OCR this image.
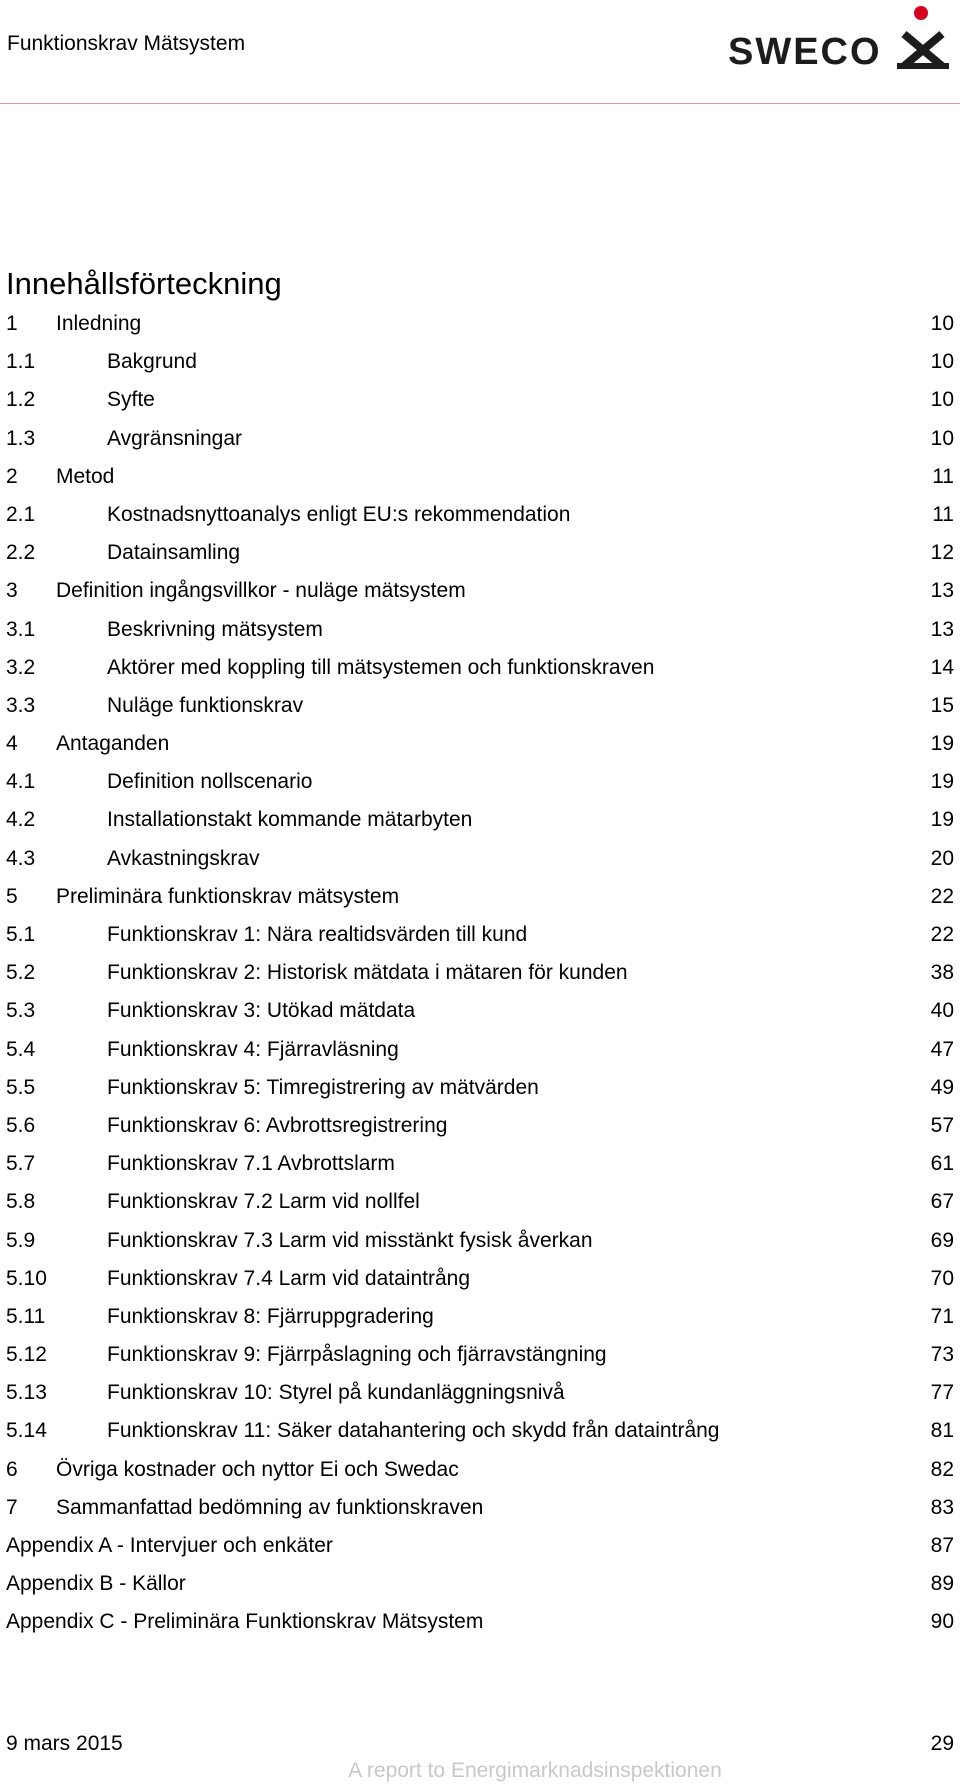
Funktionskrav Mätsystem	SWECO
Innehållsförteckning
1 Inledning	10
1.1	Bakgrund	10
1.2	Syfte	10
1.3	Avgränsningar	10
2 Metod	11
2.1	Kostnadsnyttoanalys enligt EU:s rekommendation	11
2.2	Datainsamling	12
3 Definition ingångsvillkor - nuläge mätsystem	13
3.1	Beskrivning mätsystem	13
3.2	Aktörer med koppling till mätsystemen och funktionskraven	14
3.3	Nuläge funktionskrav	15
4 Antaganden	19
4.1	Definition nollscenario	19
4.2	Installationstakt kommande mätarbyten	19
4.3	Avkastningskrav	20
5 Preliminära funktionskrav mätsystem	22
5.1	Funktionskrav 1: Nära realtidsvärden till kund	22
5.2	Funktionskrav 2: Historisk mätdata i mätaren för kunden	38
5.3	Funktionskrav 3: Utökad mätdata	40
5.4	Funktionskrav 4: Fjärravläsning	47
5.5	Funktionskrav 5: Timregistrering av mätvärden	49
5.6	Funktionskrav 6: Avbrottsregistrering	57
5.7	Funktionskrav 7.1 Avbrottslarm	61
5.8	Funktionskrav 7.2 Larm vid nollfel	67
5.9	Funktionskrav 7.3 Larm vid misstänkt fysisk åverkan	69
5.10	Funktionskrav 7.4 Larm vid dataintrång	70
5.11	Funktionskrav 8: Fjärruppgradering	71
5.12	Funktionskrav 9: Fjärrpåslagning och fjärravstängning	73
5.13	Funktionskrav 10: Styrel på kundanläggningsnivå	77
5.14	Funktionskrav 11: Säker datahantering och skydd från dataintrång	81
6 Övriga kostnader och nyttor Ei och Swedac	82
7 Sammanfattad bedömning av funktionskraven	83
Appendix A - Intervjuer och enkäter	87
Appendix B - Källor	89
Appendix C - Preliminära Funktionskrav Mätsystem	90
9 mars 2015	29
A report to Energimarknadsinspektionen
